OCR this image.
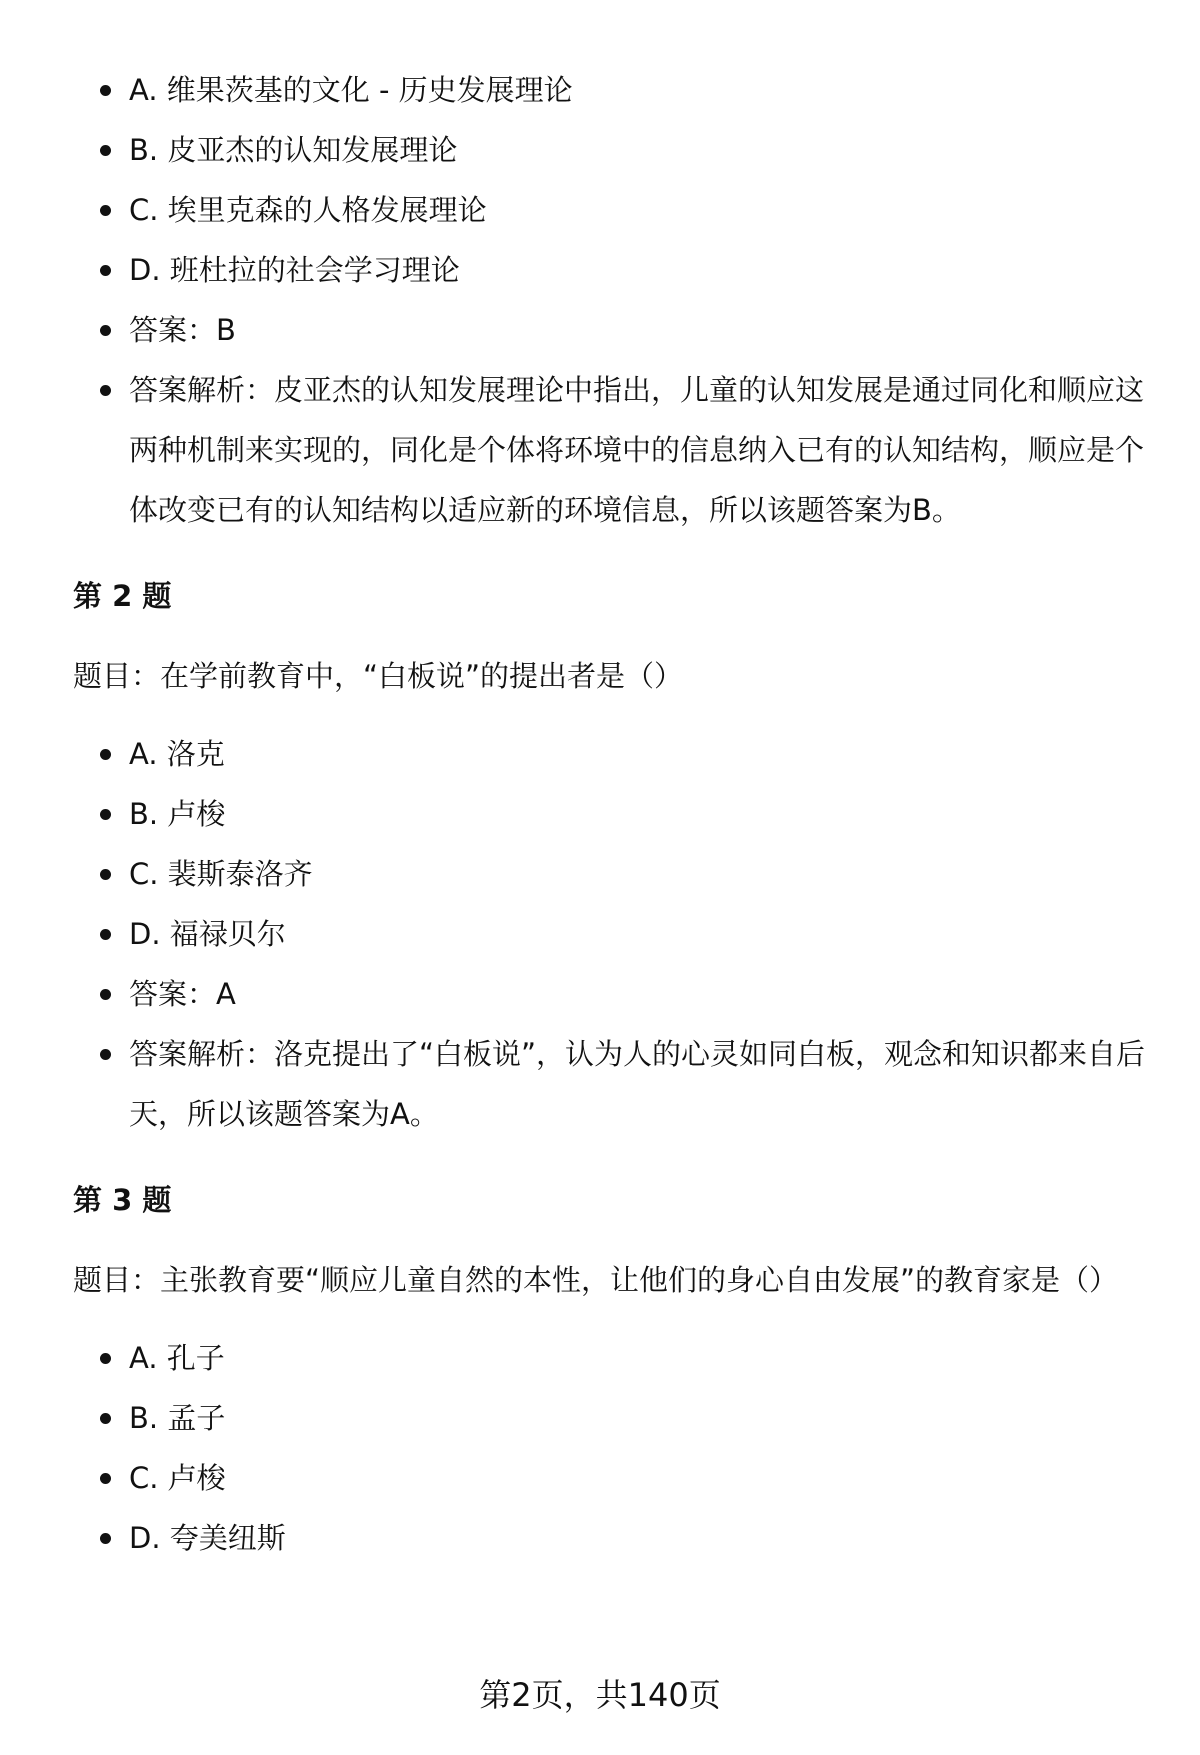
A. 维果茨基的文化 - 历史发展理论
B. 皮亚杰的认知发展理论
C. 埃里克森的人格发展理论
D. 班杜拉的社会学习理论
答案：B
答案解析：皮亚杰的认知发展理论中指出，儿童的认知发展是通过同化和顺应这两种机制来实现的，同化是个体将环境中的信息纳入已有的认知结构，顺应是个体改变已有的认知结构以适应新的环境信息，所以该题答案为B。
第 2 题
题目：在学前教育中，“白板说”的提出者是（）
A. 洛克
B. 卢梭
C. 裴斯泰洛齐
D. 福禄贝尔
答案：A
答案解析：洛克提出了“白板说”，认为人的心灵如同白板，观念和知识都来自后天，所以该题答案为A。
第 3 题
题目：主张教育要“顺应儿童自然的本性，让他们的身心自由发展”的教育家是（）
A. 孔子
B. 孟子
C. 卢梭
D. 夸美纽斯
第2页，共140页
